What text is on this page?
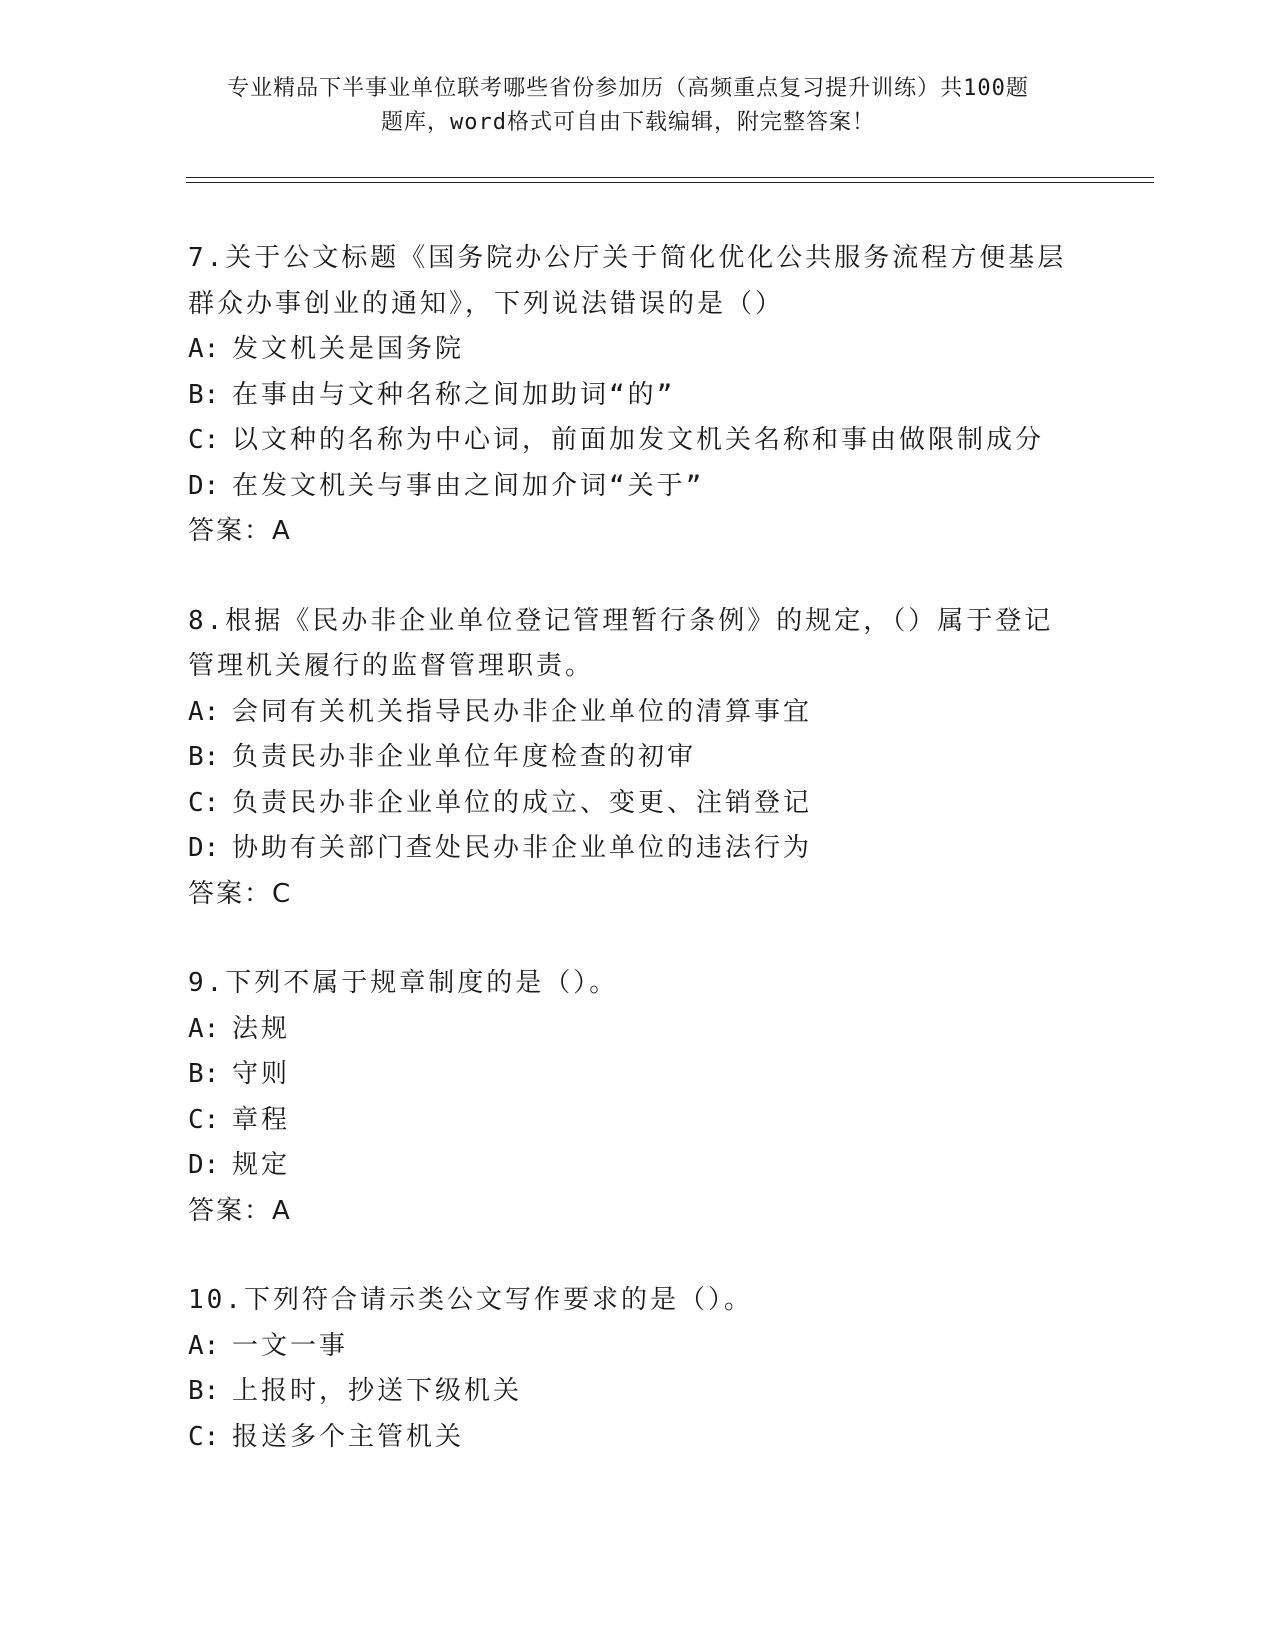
专业精品下半事业单位联考哪些省份参加历（高频重点复习提升训练）共100题
题库，word格式可自由下载编辑，附完整答案！
7.关于公文标题《国务院办公厅关于简化优化公共服务流程方便基层
群众办事创业的通知》，下列说法错误的是（）
A: 发文机关是国务院
B: 在事由与文种名称之间加助词“的”
C: 以文种的名称为中心词，前面加发文机关名称和事由做限制成分
D: 在发文机关与事由之间加介词“关于”
答案：A
8.根据《民办非企业单位登记管理暂行条例》的规定，（）属于登记
管理机关履行的监督管理职责。
A: 会同有关机关指导民办非企业单位的清算事宜
B: 负责民办非企业单位年度检查的初审
C: 负责民办非企业单位的成立、变更、注销登记
D: 协助有关部门查处民办非企业单位的违法行为
答案：C
9.下列不属于规章制度的是（）。
A: 法规
B: 守则
C: 章程
D: 规定
答案：A
10.下列符合请示类公文写作要求的是（）。
A: 一文一事
B: 上报时，抄送下级机关
C: 报送多个主管机关
